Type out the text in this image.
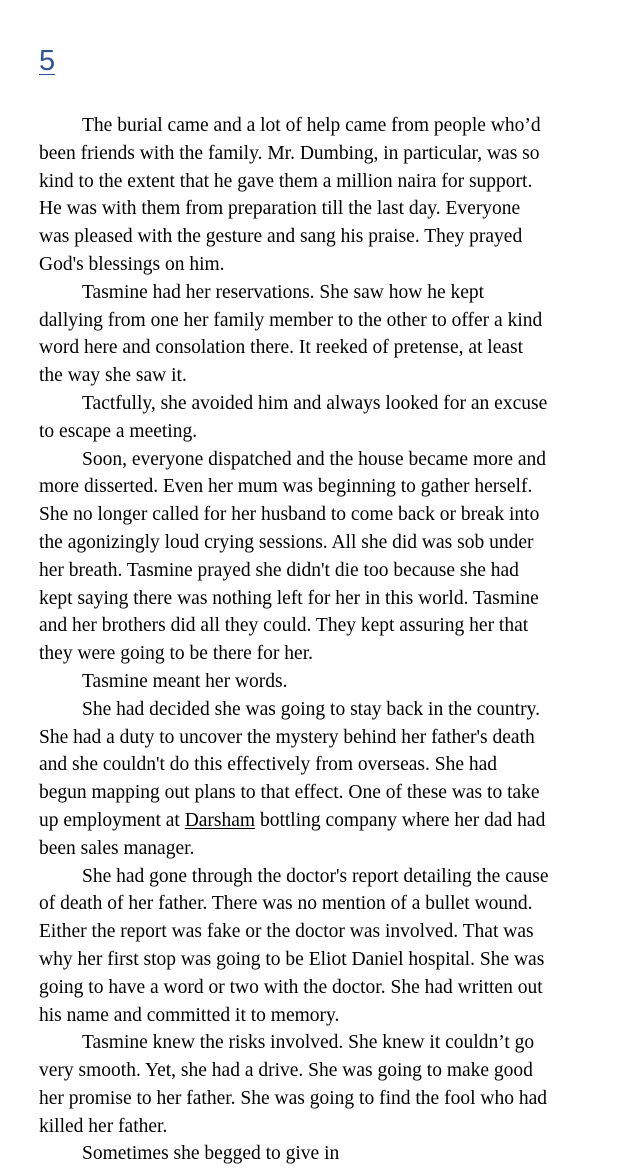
5
The burial came and a lot of help came from people who’d
been friends with the family. Mr. Dumbing, in particular, was so
kind to the extent that he gave them a million naira for support.
He was with them from preparation till the last day. Everyone
was pleased with the gesture and sang his praise. They prayed
God's blessings on him.
Tasmine had her reservations. She saw how he kept
dallying from one her family member to the other to offer a kind
word here and consolation there. It reeked of pretense, at least
the way she saw it.
Tactfully, she avoided him and always looked for an excuse
to escape a meeting.
Soon, everyone dispatched and the house became more and
more disserted. Even her mum was beginning to gather herself.
She no longer called for her husband to come back or break into
the agonizingly loud crying sessions. All she did was sob under
her breath. Tasmine prayed she didn't die too because she had
kept saying there was nothing left for her in this world. Tasmine
and her brothers did all they could. They kept assuring her that
they were going to be there for her.
Tasmine meant her words.
She had decided she was going to stay back in the country.
She had a duty to uncover the mystery behind her father's death
and she couldn't do this effectively from overseas. She had
begun mapping out plans to that effect. One of these was to take
up employment at Darsham bottling company where her dad had
been sales manager.
She had gone through the doctor's report detailing the cause
of death of her father. There was no mention of a bullet wound.
Either the report was fake or the doctor was involved. That was
why her first stop was going to be Eliot Daniel hospital. She was
going to have a word or two with the doctor. She had written out
his name and committed it to memory.
Tasmine knew the risks involved. She knew it couldn’t go
very smooth. Yet, she had a drive. She was going to make good
her promise to her father. She was going to find the fool who had
killed her father.
Sometimes she begged to give in
